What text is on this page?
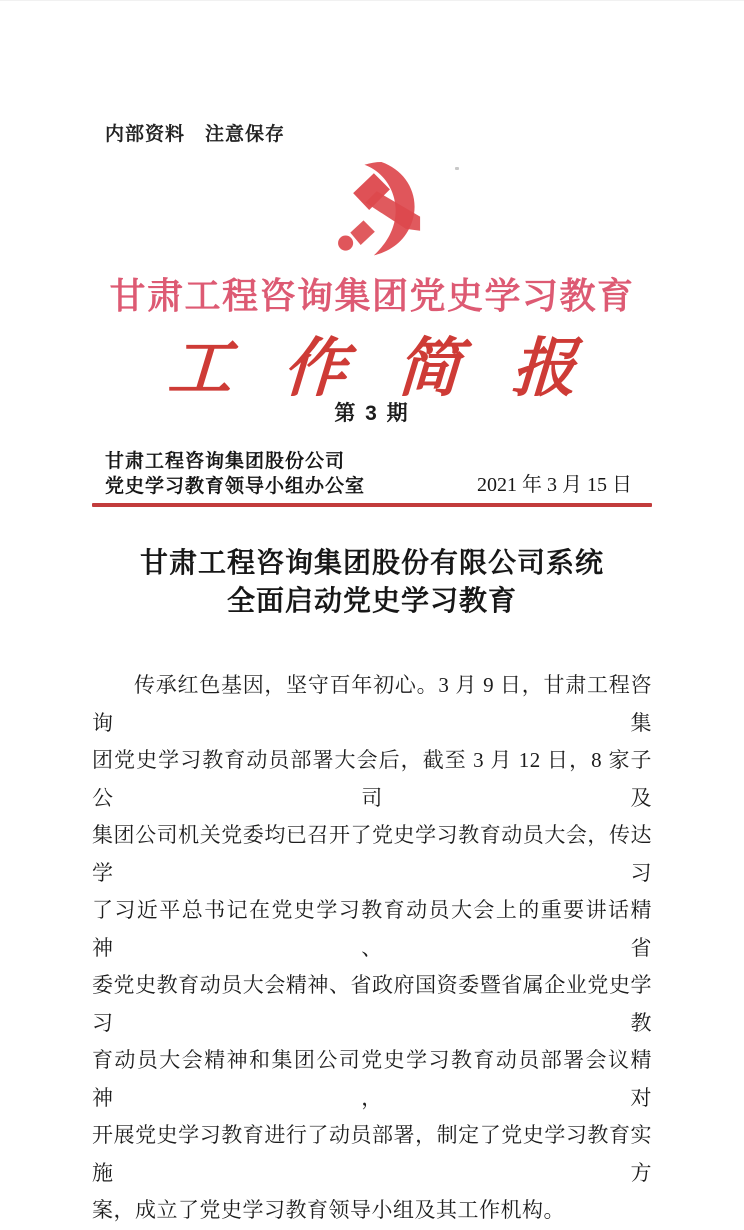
内部资料　注意保存
甘肃工程咨询集团党史学习教育
工 作 简 报
第 3 期
甘肃工程咨询集团股份公司
党史学习教育领导小组办公室	2021 年 3 月 15 日
甘肃工程咨询集团股份有限公司系统
全面启动党史学习教育
传承红色基因，坚守百年初心。3 月 9 日，甘肃工程咨询集
团党史学习教育动员部署大会后，截至 3 月 12 日，8 家子公司及
集团公司机关党委均已召开了党史学习教育动员大会，传达学习
了习近平总书记在党史学习教育动员大会上的重要讲话精神、省
委党史教育动员大会精神、省政府国资委暨省属企业党史学习教
育动员大会精神和集团公司党史学习教育动员部署会议精神，对
开展党史学习教育进行了动员部署，制定了党史学习教育实施方
案，成立了党史学习教育领导小组及其工作机构。
